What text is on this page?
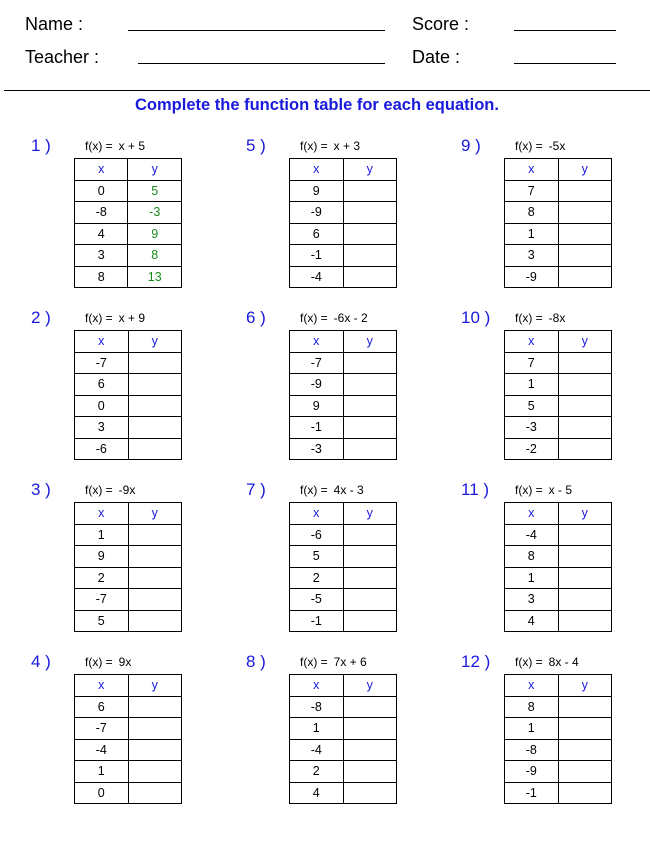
Name :	Score :
Teacher :	Date :
Complete the function table for each equation.
1 )	f(x) = x + 5
x	y
0	5
-8	-3
4	9
3	8
8	13
2 )	f(x) = x + 9
x	y
-7	
6	
0	
3	
-6	
3 )	f(x) = -9x
x	y
1	
9	
2	
-7	
5	
4 )	f(x) = 9x
x	y
6	
-7	
-4	
1	
0	
5 )	f(x) = x + 3
x	y
9	
-9	
6	
-1	
-4	
6 )	f(x) = -6x - 2
x	y
-7	
-9	
9	
-1	
-3	
7 )	f(x) = 4x - 3
x	y
-6	
5	
2	
-5	
-1	
8 )	f(x) = 7x + 6
x	y
-8	
1	
-4	
2	
4	
9 )	f(x) = -5x
x	y
7	
8	
1	
3	
-9	
10 ) f(x) = -8x
x	y
7	
1	
5	
-3	
-2	
11 ) f(x) = x - 5
x	y
-4	
8	
1	
3	
4	
12 ) f(x) = 8x - 4
x	y
8	
1	
-8	
-9	
-1	
